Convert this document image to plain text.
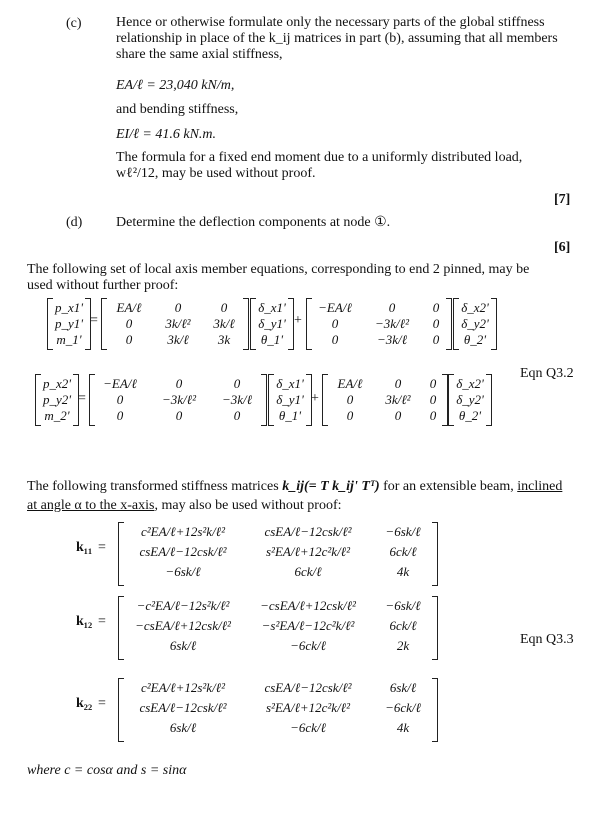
(c) Hence or otherwise formulate only the necessary parts of the global stiffness
relationship in place of the k_ij matrices in part (b), assuming that all members
share the same axial stiffness,
EA/ℓ = 23,040 kN/m,
and bending stiffness,
EI/ℓ = 41.6 kN.m.
The formula for a fixed end moment due to a uniformly distributed load,
wℓ²/12, may be used without proof.
[7]
(d) Determine the deflection components at node ①.
[6]
The following set of local axis member equations, corresponding to end 2 pinned, may be
used without further proof:
Eqn Q3.2
The following transformed stiffness matrices k_ij(= T k_ij' Tᵀ) for an extensible beam, inclined
at angle α to the x-axis, may also be used without proof:
Eqn Q3.3
where c = cosα and s = sinα
p_x1'
p_y1'
m_1'
=
EA/ℓ	0	0
0	3k/ℓ²	3k/ℓ
0	3k/ℓ	3k
δ_x1'
δ_y1'
θ_1'
+
−EA/ℓ	0	0
0	−3k/ℓ²	0
0	−3k/ℓ	0
δ_x2'
δ_y2'
θ_2'
p_x2'
p_y2'
m_2'
=
−EA/ℓ	0	0
0	−3k/ℓ²	−3k/ℓ
0	0	0
δ_x1'
δ_y1'
θ_1'
+
EA/ℓ	0	0
0	3k/ℓ²	0
0	0	0
δ_x2'
δ_y2'
θ_2'
k₁₁ =
c²EA/ℓ+12s²k/ℓ²	csEA/ℓ−12csk/ℓ²	−6sk/ℓ
csEA/ℓ−12csk/ℓ²	s²EA/ℓ+12c²k/ℓ²	6ck/ℓ
−6sk/ℓ	6ck/ℓ	4k
k₁₂ =
−c²EA/ℓ−12s²k/ℓ²	−csEA/ℓ+12csk/ℓ²	−6sk/ℓ
−csEA/ℓ+12csk/ℓ²	−s²EA/ℓ−12c²k/ℓ²	6ck/ℓ
6sk/ℓ	−6ck/ℓ	2k
k₂₂ =
c²EA/ℓ+12s²k/ℓ²	csEA/ℓ−12csk/ℓ²	6sk/ℓ
csEA/ℓ−12csk/ℓ²	s²EA/ℓ+12c²k/ℓ²	−6ck/ℓ
6sk/ℓ	−6ck/ℓ	4k
